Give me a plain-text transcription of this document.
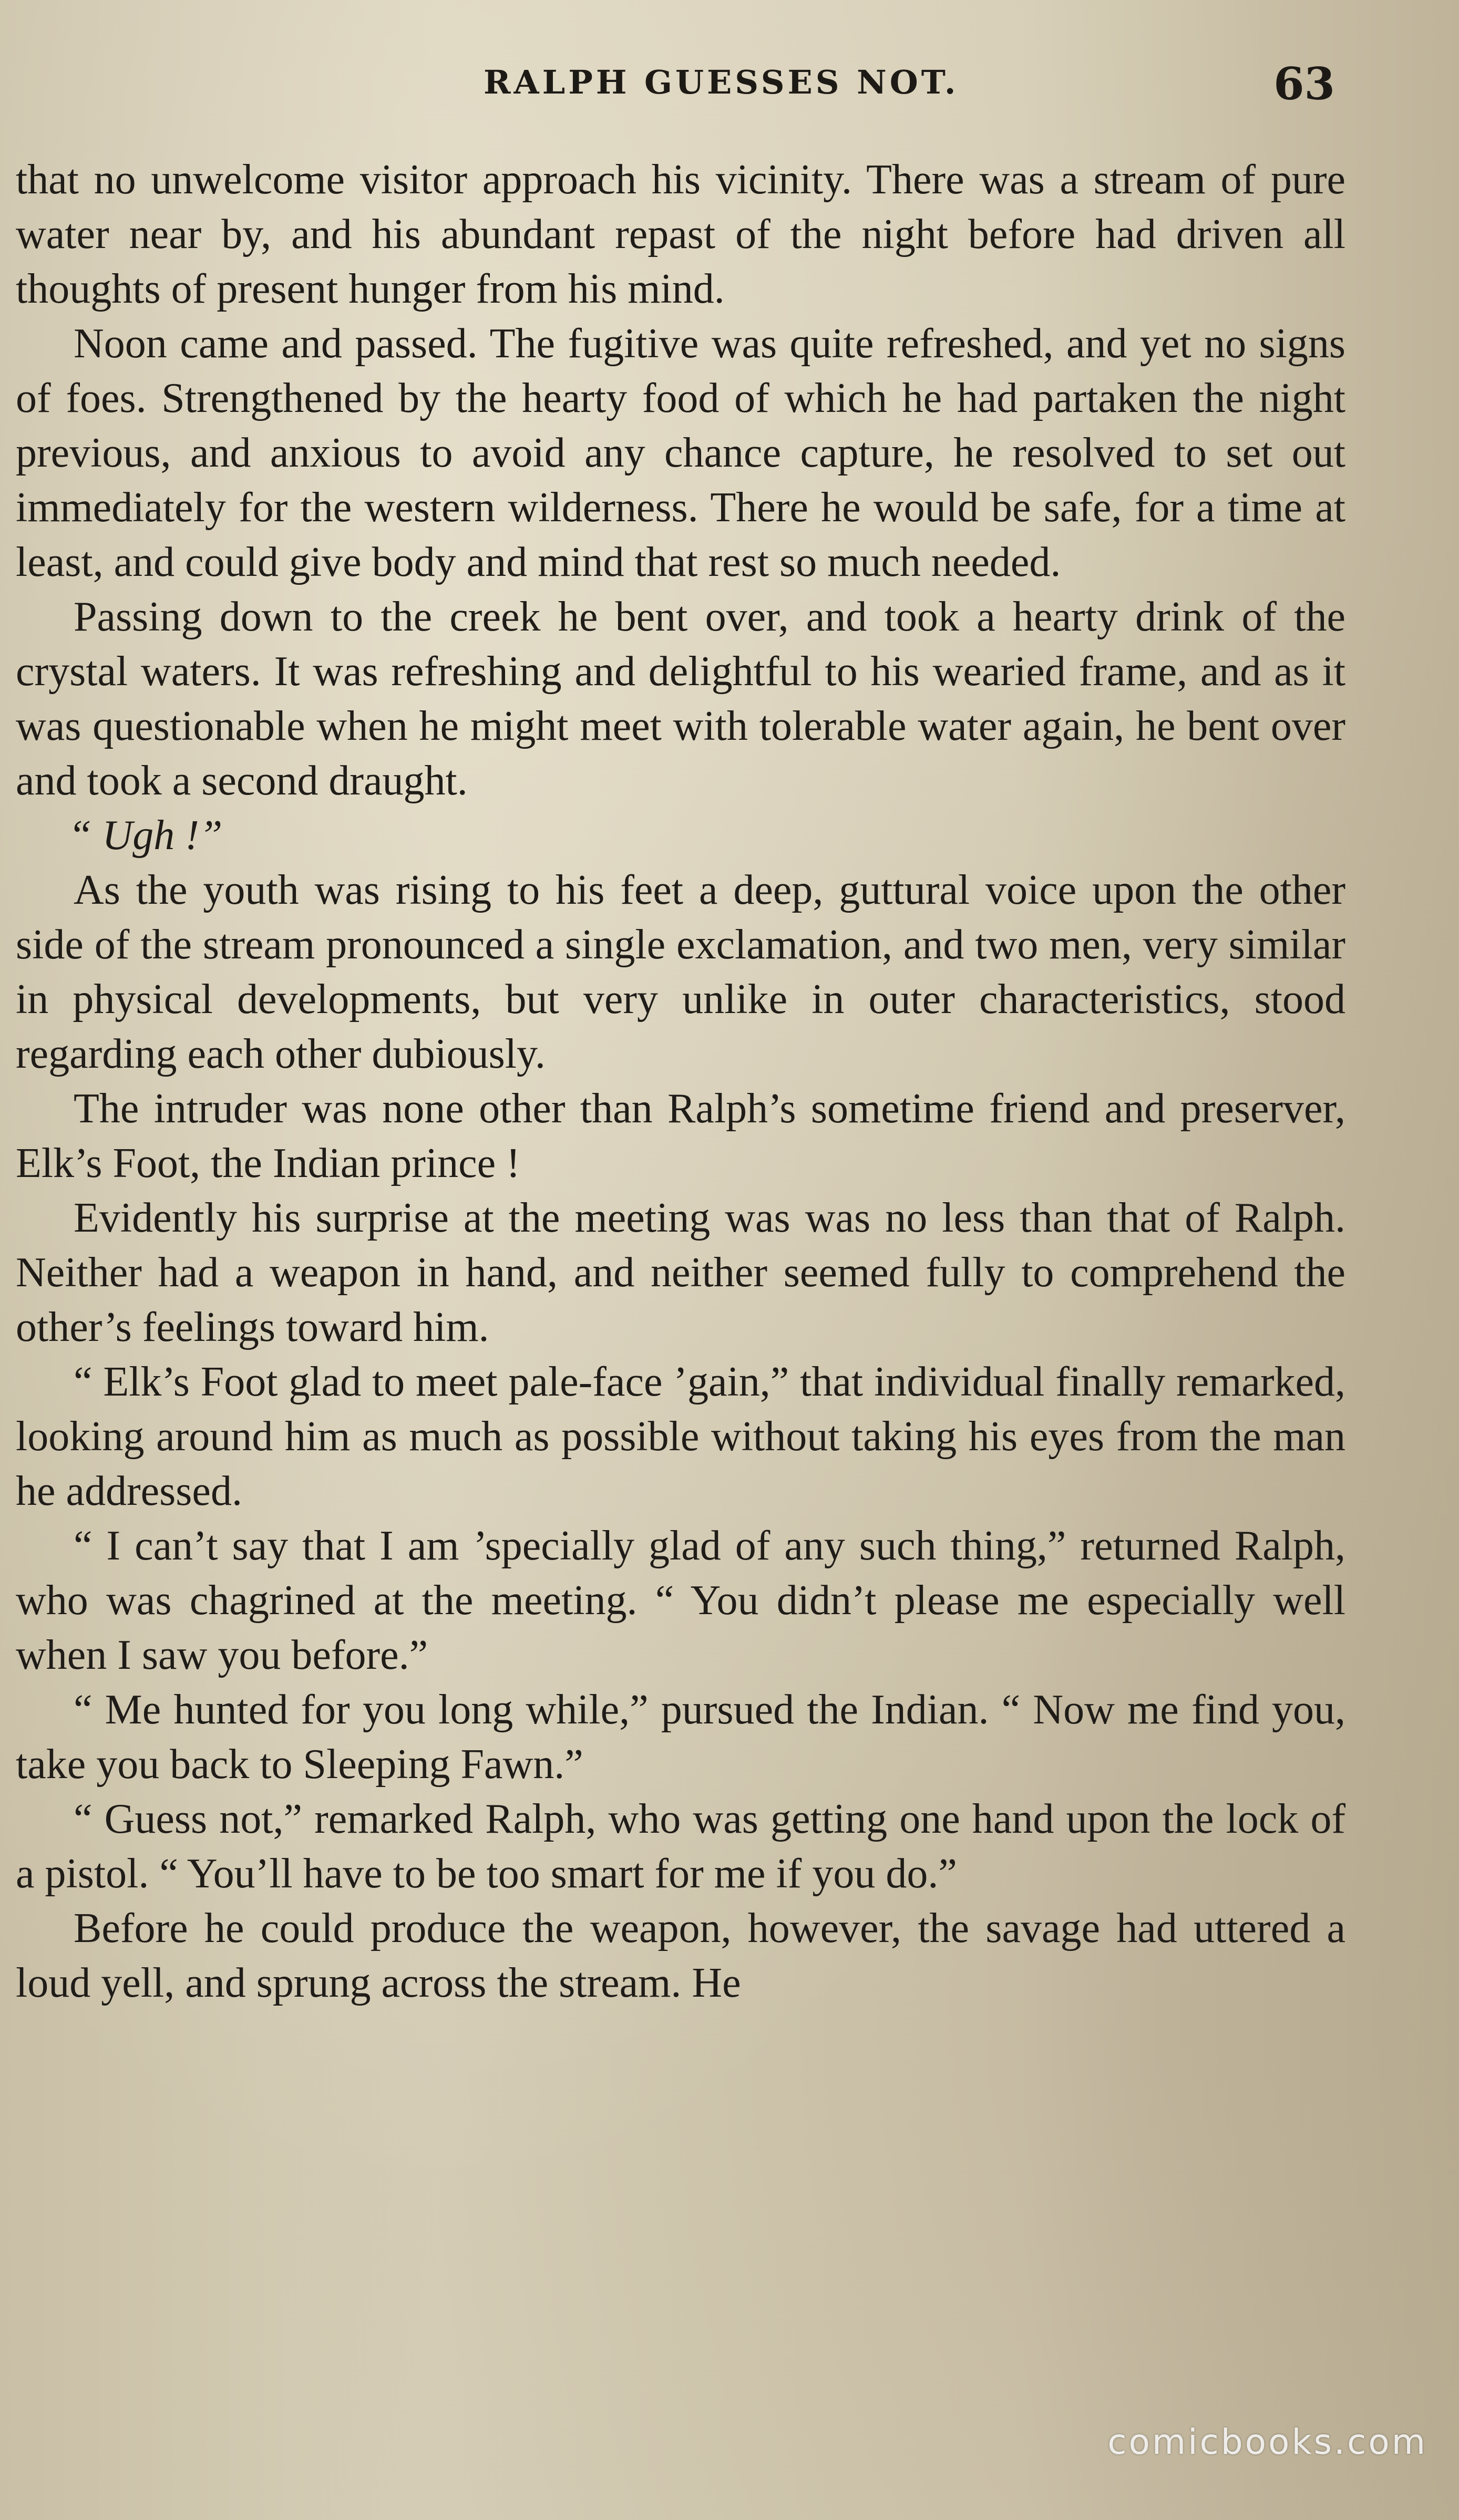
RALPH GUESSES NOT.	63

that no unwelcome visitor approach his vicinity. There was a stream of pure water near by, and his abundant repast of the night before had driven all thoughts of present hunger from his mind.

Noon came and passed. The fugitive was quite refreshed, and yet no signs of foes. Strengthened by the hearty food of which he had partaken the night previous, and anxious to avoid any chance capture, he resolved to set out immediately for the western wilderness. There he would be safe, for a time at least, and could give body and mind that rest so much needed.

Passing down to the creek he bent over, and took a hearty drink of the crystal waters. It was refreshing and delightful to his wearied frame, and as it was questionable when he might meet with tolerable water again, he bent over and took a second draught.

“ Ugh !”

As the youth was rising to his feet a deep, guttural voice upon the other side of the stream pronounced a single exclamation, and two men, very similar in physical developments, but very unlike in outer characteristics, stood regarding each other dubiously.

The intruder was none other than Ralph’s sometime friend and preserver, Elk’s Foot, the Indian prince !

Evidently his surprise at the meeting was was no less than that of Ralph. Neither had a weapon in hand, and neither seemed fully to comprehend the other’s feelings toward him.

“ Elk’s Foot glad to meet pale-face ’gain,” that individual finally remarked, looking around him as much as possible without taking his eyes from the man he addressed.

“ I can’t say that I am ’specially glad of any such thing,” returned Ralph, who was chagrined at the meeting. “ You didn’t please me especially well when I saw you before.”

“ Me hunted for you long while,” pursued the Indian. “ Now me find you, take you back to Sleeping Fawn.”

“ Guess not,” remarked Ralph, who was getting one hand upon the lock of a pistol. “ You’ll have to be too smart for me if you do.”

Before he could produce the weapon, however, the savage had uttered a loud yell, and sprung across the stream. He

comicbooks.com
